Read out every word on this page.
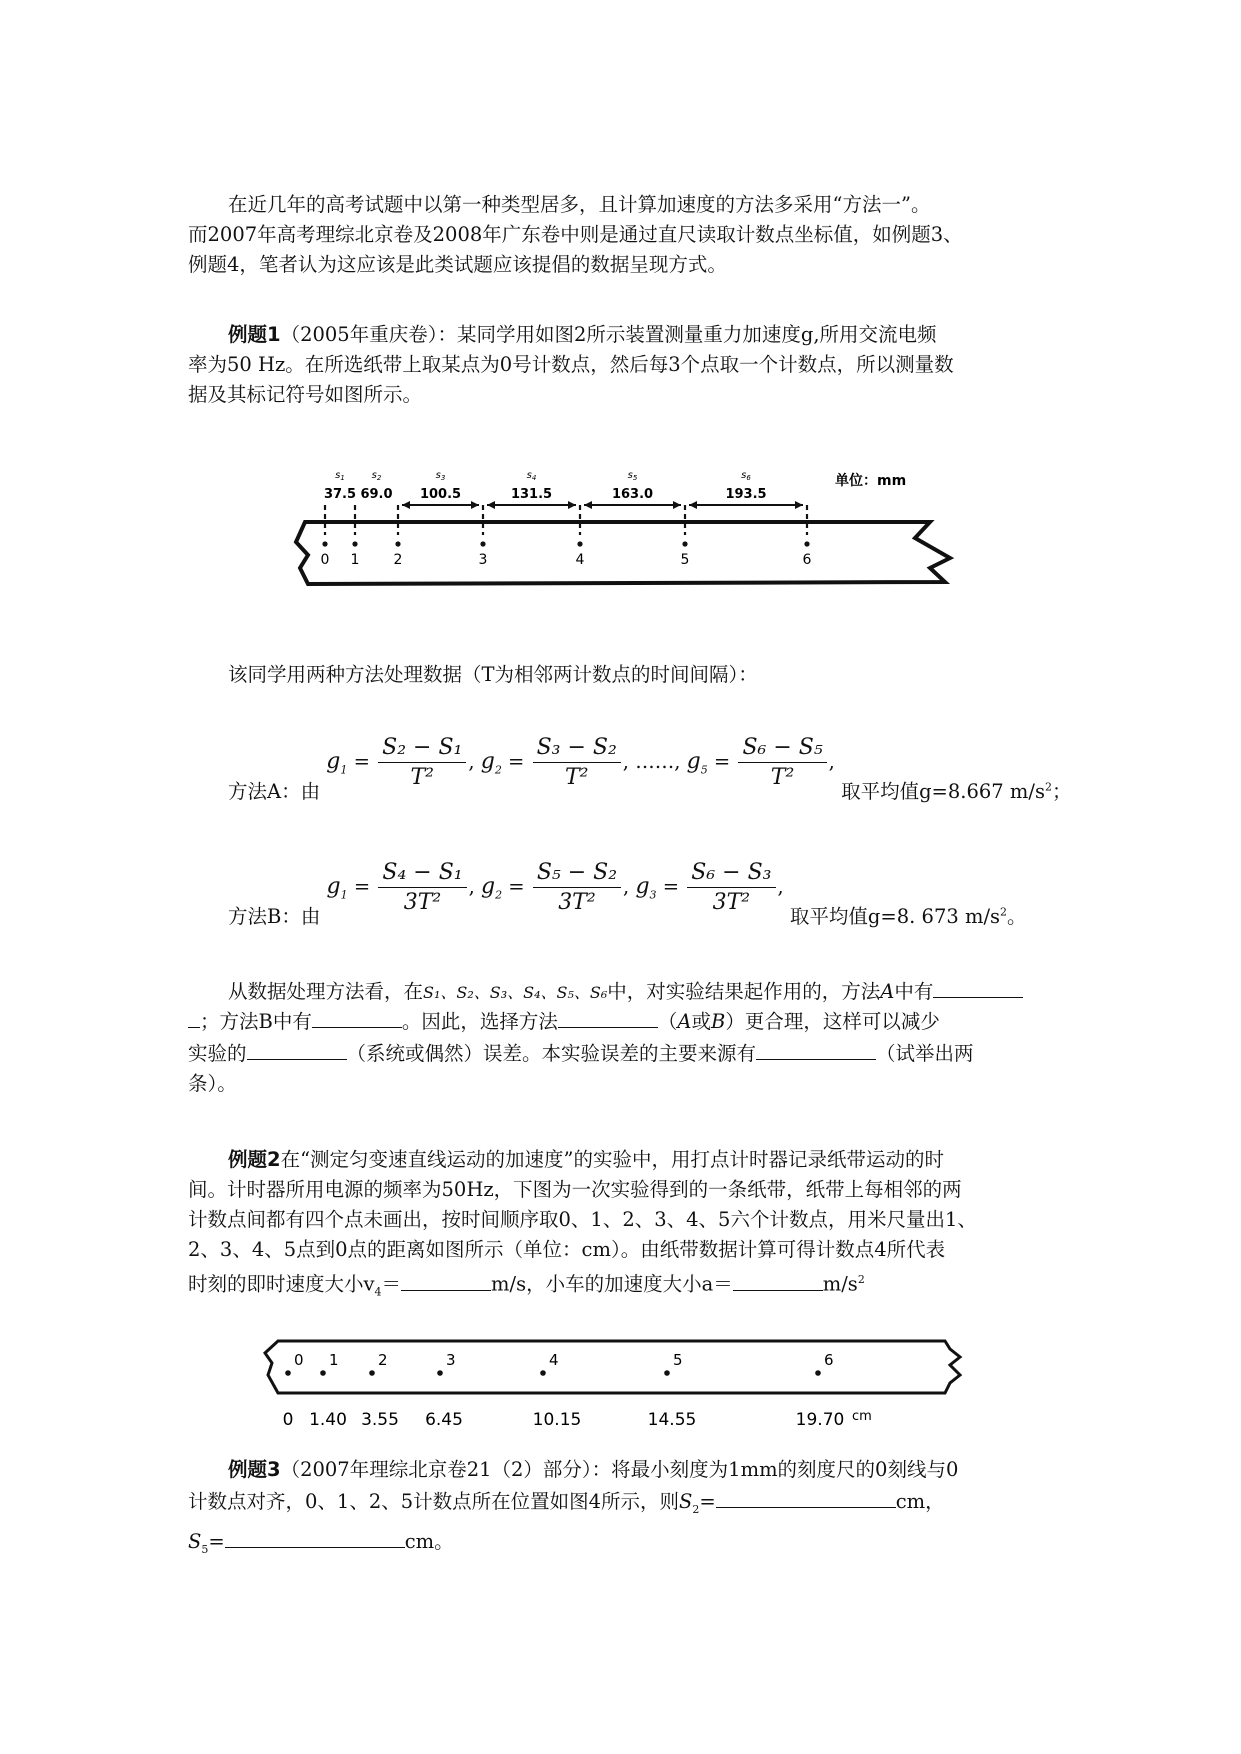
在近几年的高考试题中以第一种类型居多，且计算加速度的方法多采用“方法一”。
而2007年高考理综北京卷及2008年广东卷中则是通过直尺读取计数点坐标值，如例题3、
例题4，笔者认为这应该是此类试题应该提倡的数据呈现方式。
例题1（2005年重庆卷）：某同学用如图2所示装置测量重力加速度g,所用交流电频
率为50 Hz。在所选纸带上取某点为0号计数点，然后每3个点取一个计数点，所以测量数
据及其标记符号如图所示。
$s_1$
37.5
$s_2$
69.0
$s_3$
100.5
$s_4$
131.5
$s_5$
163.0
$s_6$
193.5
0 1 2	3	4	5	6
单位：mm
该同学用两种方法处理数据（T为相邻两计数点的时间间隔）：
方法A：由 $g_1 = \frac{\text{S₂ − S₁}}{\text{T²}}$ , $g_2 = \frac{\text{S₃ − S₂}}{\text{T²}}$ , ……, $g_5 = \frac{\text{S₆ − S₅}}{\text{T²}}$ , 取平均值g=8.667 $m/s^2$；
方法B：由 $g_1 = \frac{\text{S₄ − S₁}}{\text{3T²}}$ , $g_2 = \frac{\text{S₅ − S₂}}{\text{3T²}}$ , $g_3 = \frac{\text{S₆ − S₃}}{\text{3T²}}$ , 取平均值g=8. 673 $m/s^2$。
从数据处理方法看，在S₁、S₂、S₃、S₄、S₅、S₆中，对实验结果起作用的，方法A中有
；方法B中有	。因此，选择方法	（A或B）更合理，这样可以减少
实验的	（系统或偶然）误差。本实验误差的主要来源有	（试举出两
条）。
例题2在“测定匀变速直线运动的加速度”的实验中，用打点计时器记录纸带运动的时
间。计时器所用电源的频率为50Hz，下图为一次实验得到的一条纸带，纸带上每相邻的两
计数点间都有四个点未画出，按时间顺序取0、1、2、3、4、5六个计数点，用米尺量出1、
2、3、4、5点到0点的距离如图所示（单位：cm）。由纸带数据计算可得计数点4所代表
时刻的即时速度大小$v_4=$	m/s，小车的加速度大小a＝	$m/s^2$
0 1	2	3	4	5	6
0 1.40 3.55 6.45	10.15	14.55	19.70 cm
例题3（2007年理综北京卷21（2）部分）：将最小刻度为1mm的刻度尺的0刻线与0
计数点对齐，0、1、2、5计数点所在位置如图4所示，则$S_2=$	cm，
$S_5=$	cm。
